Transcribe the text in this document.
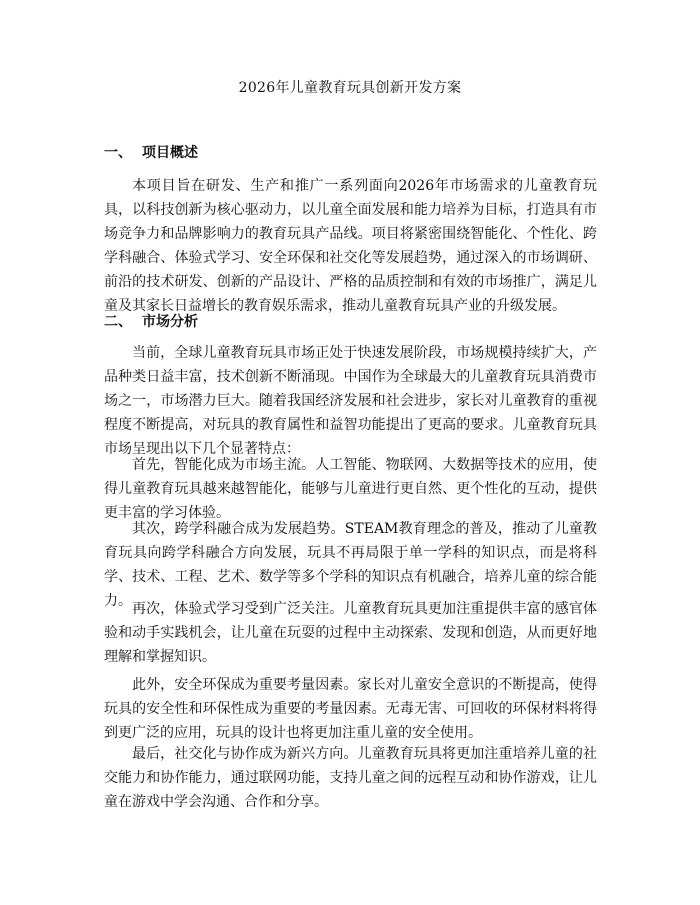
2026年儿童教育玩具创新开发方案
一、 项目概述

本项目旨在研发、生产和推广一系列面向2026年市场需求的儿童教育玩具，以科技创新为核心驱动力，以儿童全面发展和能力培养为目标，打造具有市场竞争力和品牌影响力的教育玩具产品线。项目将紧密围绕智能化、个性化、跨学科融合、体验式学习、安全环保和社交化等发展趋势，通过深入的市场调研、前沿的技术研发、创新的产品设计、严格的品质控制和有效的市场推广，满足儿童及其家长日益增长的教育娱乐需求，推动儿童教育玩具产业的升级发展。

二、 市场分析

当前，全球儿童教育玩具市场正处于快速发展阶段，市场规模持续扩大，产品种类日益丰富，技术创新不断涌现。中国作为全球最大的儿童教育玩具消费市场之一，市场潜力巨大。随着我国经济发展和社会进步，家长对儿童教育的重视程度不断提高，对玩具的教育属性和益智功能提出了更高的要求。儿童教育玩具市场呈现出以下几个显著特点：

首先，智能化成为市场主流。人工智能、物联网、大数据等技术的应用，使得儿童教育玩具越来越智能化，能够与儿童进行更自然、更个性化的互动，提供更丰富的学习体验。

其次，跨学科融合成为发展趋势。STEAM教育理念的普及，推动了儿童教育玩具向跨学科融合方向发展，玩具不再局限于单一学科的知识点，而是将科学、技术、工程、艺术、数学等多个学科的知识点有机融合，培养儿童的综合能力。 再次，体验式学习受到广泛关注。儿童教育玩具更加注重提供丰富的感官体验和动手实践机会，让儿童在玩耍的过程中主动探索、发现和创造，从而更好地理解和掌握知识。

此外，安全环保成为重要考量因素。家长对儿童安全意识的不断提高，使得玩具的安全性和环保性成为重要的考量因素。无毒无害、可回收的环保材料将得到更广泛的应用，玩具的设计也将更加注重儿童的安全使用。

最后，社交化与协作成为新兴方向。儿童教育玩具将更加注重培养儿童的社交能力和协作能力，通过联网功能，支持儿童之间的远程互动和协作游戏，让儿童在游戏中学会沟通、合作和分享。
